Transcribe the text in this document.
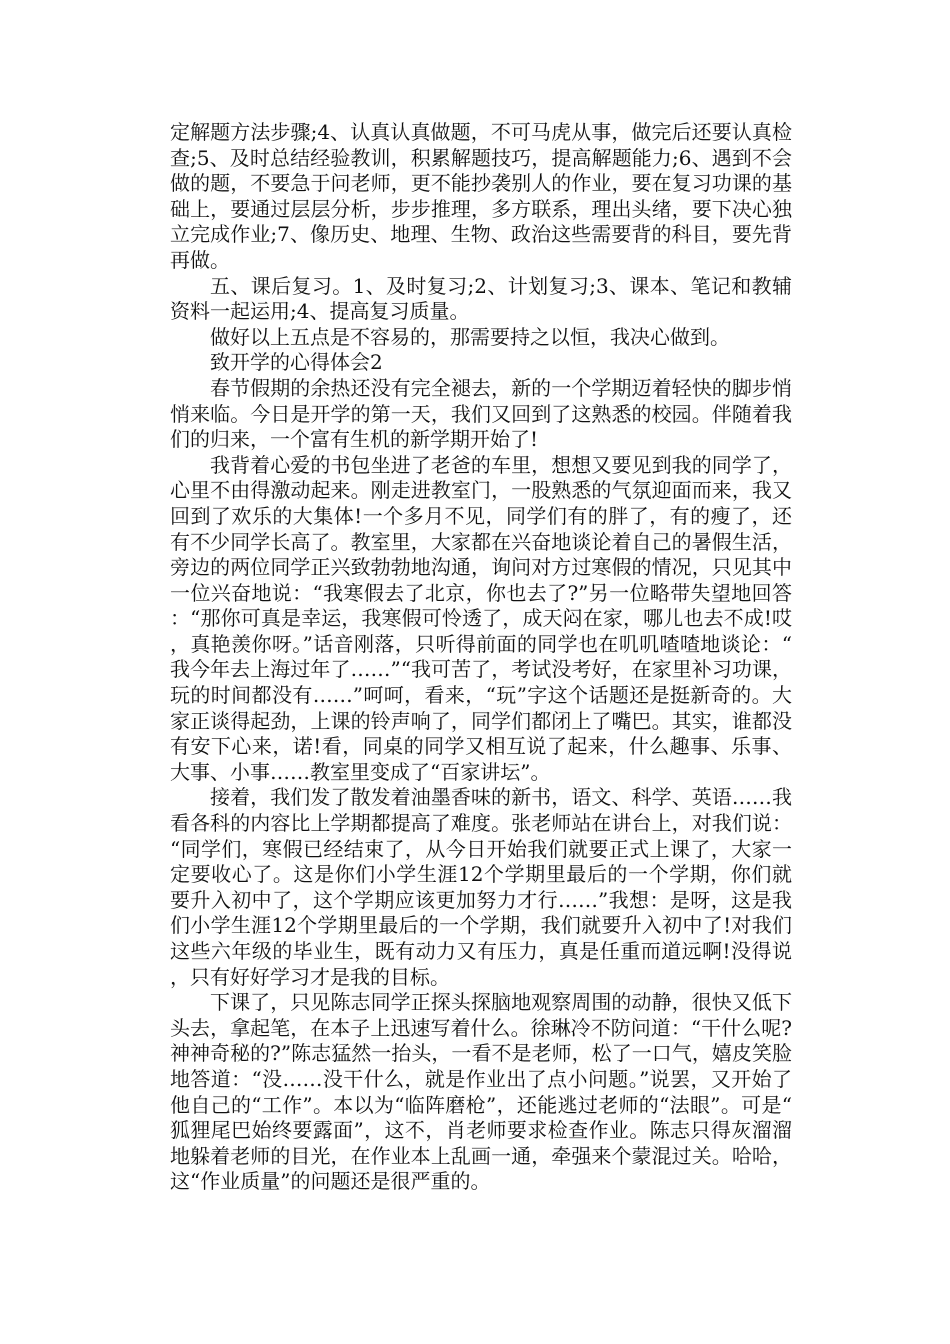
定解题方法步骤;4、认真认真做题，不可马虎从事，做完后还要认真检查;5、及时总结经验教训，积累解题技巧，提高解题能力;6、遇到不会做的题，不要急于问老师，更不能抄袭别人的作业，要在复习功课的基础上，要通过层层分析，步步推理，多方联系，理出头绪，要下决心独立完成作业;7、像历史、地理、生物、政治这些需要背的科目，要先背再做。

五、课后复习。1、及时复习;2、计划复习;3、课本、笔记和教辅资料一起运用;4、提高复习质量。

做好以上五点是不容易的，那需要持之以恒，我决心做到。

致开学的心得体会2

春节假期的余热还没有完全褪去，新的一个学期迈着轻快的脚步悄悄来临。今日是开学的第一天，我们又回到了这熟悉的校园。伴随着我们的归来，一个富有生机的新学期开始了!

我背着心爱的书包坐进了老爸的车里，想想又要见到我的同学了，心里不由得激动起来。刚走进教室门，一股熟悉的气氛迎面而来，我又回到了欢乐的大集体!一个多月不见，同学们有的胖了，有的瘦了，还有不少同学长高了。教室里，大家都在兴奋地谈论着自己的暑假生活，旁边的两位同学正兴致勃勃地沟通，询问对方过寒假的情况，只见其中一位兴奋地说：“我寒假去了北京，你也去了?”另一位略带失望地回答：“那你可真是幸运，我寒假可怜透了，成天闷在家，哪儿也去不成!哎，真艳羡你呀。”话音刚落，只听得前面的同学也在叽叽喳喳地谈论：“我今年去上海过年了……”“我可苦了，考试没考好，在家里补习功课，玩的时间都没有……”呵呵，看来，“玩”字这个话题还是挺新奇的。大家正谈得起劲，上课的铃声响了，同学们都闭上了嘴巴。其实，谁都没有安下心来，诺!看，同桌的同学又相互说了起来，什么趣事、乐事、大事、小事……教室里变成了“百家讲坛”。

接着，我们发了散发着油墨香味的新书，语文、科学、英语……我看各科的内容比上学期都提高了难度。张老师站在讲台上，对我们说：“同学们，寒假已经结束了，从今日开始我们就要正式上课了，大家一定要收心了。这是你们小学生涯12个学期里最后的一个学期，你们就要升入初中了，这个学期应该更加努力才行……”我想：是呀，这是我们小学生涯12个学期里最后的一个学期，我们就要升入初中了!对我们这些六年级的毕业生，既有动力又有压力，真是任重而道远啊!没得说，只有好好学习才是我的目标。

下课了，只见陈志同学正探头探脑地观察周围的动静，很快又低下头去，拿起笔，在本子上迅速写着什么。徐琳冷不防问道：“干什么呢?神神奇秘的?”陈志猛然一抬头，一看不是老师，松了一口气，嬉皮笑脸地答道：“没……没干什么，就是作业出了点小问题。”说罢，又开始了他自己的“工作”。本以为“临阵磨枪”，还能逃过老师的“法眼”。可是“狐狸尾巴始终要露面”，这不，肖老师要求检查作业。陈志只得灰溜溜地躲着老师的目光，在作业本上乱画一通，牵强来个蒙混过关。哈哈，这“作业质量”的问题还是很严重的。
